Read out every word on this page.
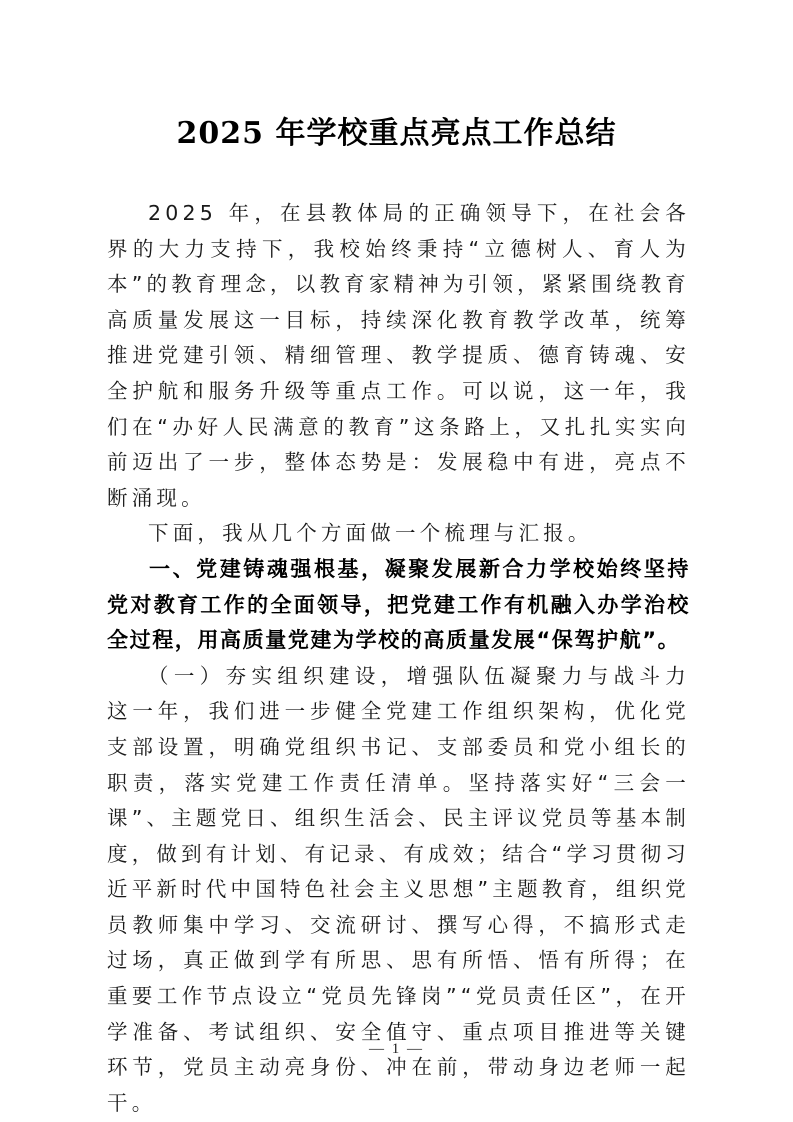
2025 年学校重点亮点工作总结

2025 年，在县教体局的正确领导下，在社会各界的大力支持下，我校始终秉持“立德树人、育人为本”的教育理念，以教育家精神为引领，紧紧围绕教育高质量发展这一目标，持续深化教育教学改革，统筹推进党建引领、精细管理、教学提质、德育铸魂、安全护航和服务升级等重点工作。可以说，这一年，我们在“办好人民满意的教育”这条路上，又扎扎实实向前迈出了一步，整体态势是：发展稳中有进，亮点不断涌现。

下面，我从几个方面做一个梳理与汇报。

一、党建铸魂强根基，凝聚发展新合力学校始终坚持党对教育工作的全面领导，把党建工作有机融入办学治校全过程，用高质量党建为学校的高质量发展“保驾护航”。

（一）夯实组织建设，增强队伍凝聚力与战斗力这一年，我们进一步健全党建工作组织架构，优化党支部设置，明确党组织书记、支部委员和党小组长的职责，落实党建工作责任清单。坚持落实好“三会一课”、主题党日、组织生活会、民主评议党员等基本制度，做到有计划、有记录、有成效；结合“学习贯彻习近平新时代中国特色社会主义思想”主题教育，组织党员教师集中学习、交流研讨、撰写心得，不搞形式走过场，真正做到学有所思、思有所悟、悟有所得；在重要工作节点设立“党员先锋岗”“党员责任区”，在开学准备、考试组织、安全值守、重点项目推进等关键环节，党员主动亮身份、冲在前，带动身边老师一起干。

— 1 —
